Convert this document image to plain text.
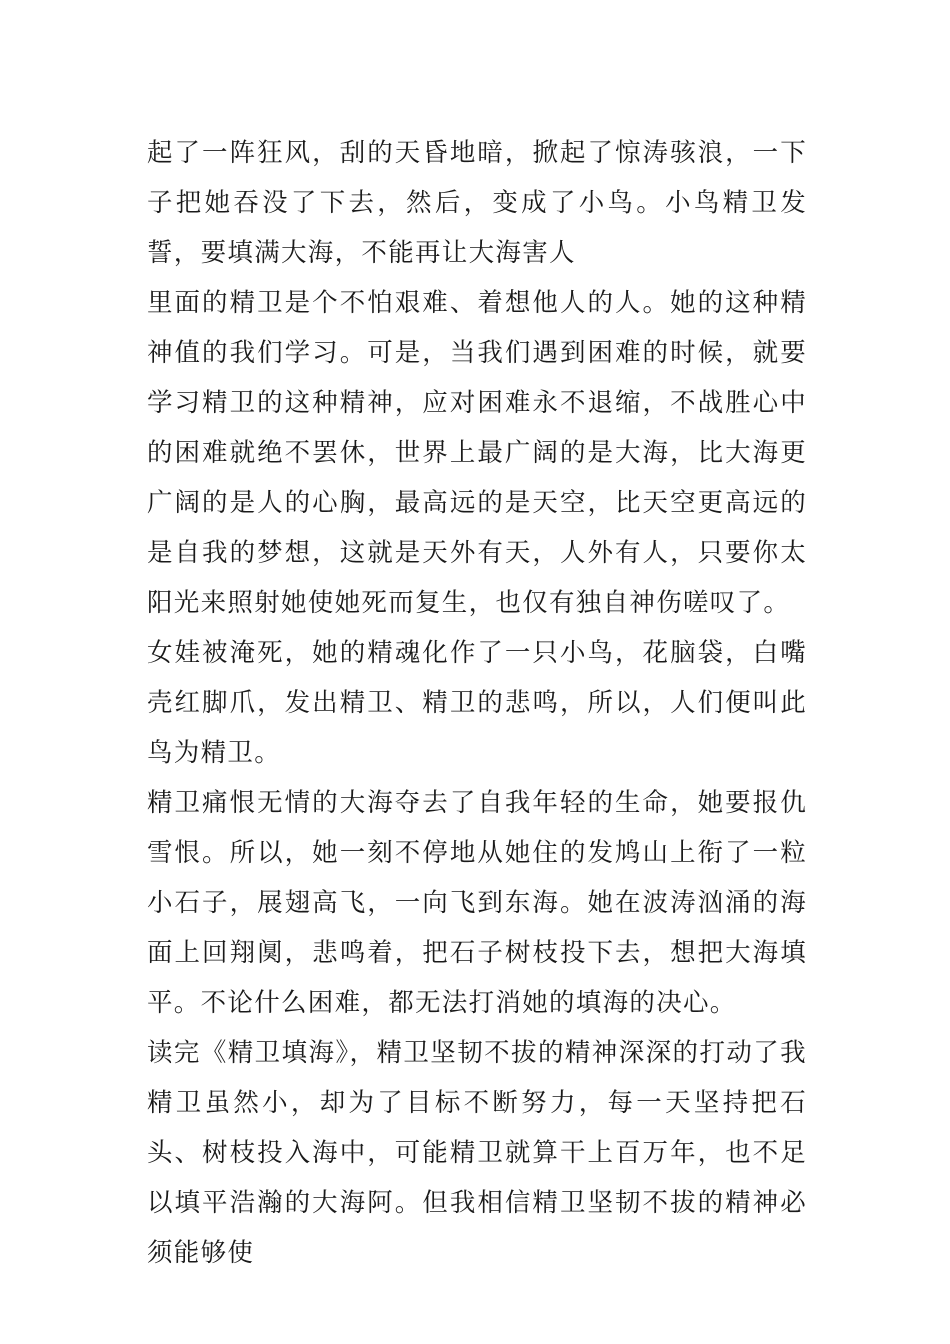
起了一阵狂风，刮的天昏地暗，掀起了惊涛骇浪，一下子把她吞没了下去，然后，变成了小鸟。小鸟精卫发誓，要填满大海，不能再让大海害人

里面的精卫是个不怕艰难、着想他人的人。她的这种精神值的我们学习。可是，当我们遇到困难的时候，就要学习精卫的这种精神，应对困难永不退缩，不战胜心中的困难就绝不罢休，世界上最广阔的是大海，比大海更广阔的是人的心胸，最高远的是天空，比天空更高远的是自我的梦想，这就是天外有天，人外有人，只要你太阳光来照射她使她死而复生，也仅有独自神伤嗟叹了。

女娃被淹死，她的精魂化作了一只小鸟，花脑袋，白嘴壳红脚爪，发出精卫、精卫的悲鸣，所以，人们便叫此鸟为精卫。

精卫痛恨无情的大海夺去了自我年轻的生命，她要报仇雪恨。所以，她一刻不停地从她住的发鸠山上衔了一粒小石子，展翅高飞，一向飞到东海。她在波涛汹涌的海面上回翔阒，悲鸣着，把石子树枝投下去，想把大海填平。不论什么困难，都无法打消她的填海的决心。

读完《精卫填海》，精卫坚韧不拔的精神深深的打动了我精卫虽然小，却为了目标不断努力，每一天坚持把石头、树枝投入海中，可能精卫就算干上百万年，也不足以填平浩瀚的大海阿。但我相信精卫坚韧不拔的精神必须能够使
